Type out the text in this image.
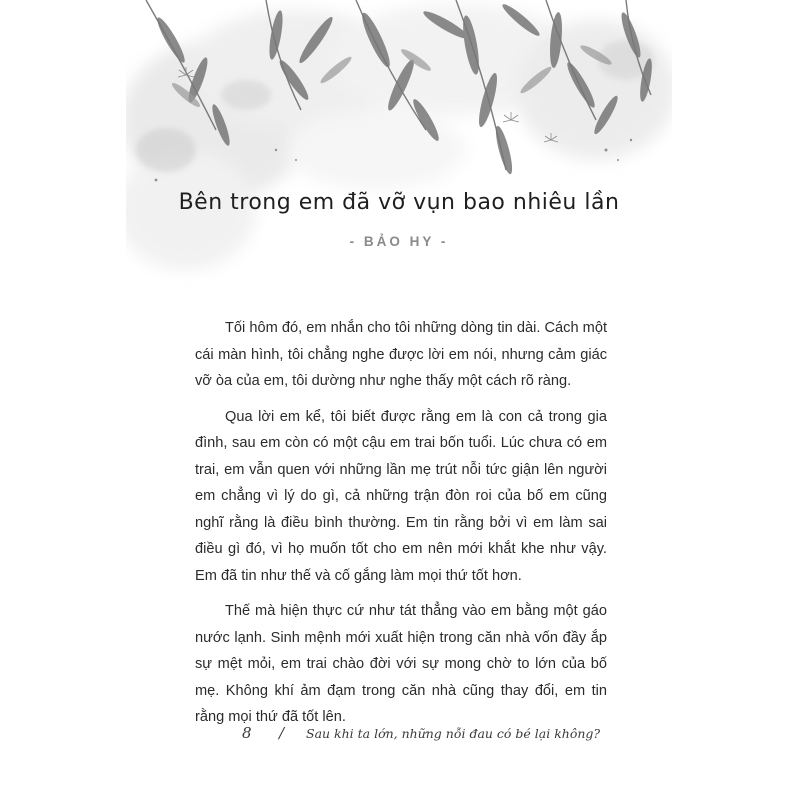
Bên trong em đã vỡ vụn bao nhiêu lần
- BẢO HY -

Tối hôm đó, em nhắn cho tôi những dòng tin dài. Cách một cái màn hình, tôi chẳng nghe được lời em nói, nhưng cảm giác vỡ òa của em, tôi dường như nghe thấy một cách rõ ràng.

Qua lời em kể, tôi biết được rằng em là con cả trong gia đình, sau em còn có một cậu em trai bốn tuổi. Lúc chưa có em trai, em vẫn quen với những lần mẹ trút nỗi tức giận lên người em chẳng vì lý do gì, cả những trận đòn roi của bố em cũng nghĩ rằng là điều bình thường. Em tin rằng bởi vì em làm sai điều gì đó, vì họ muốn tốt cho em nên mới khắt khe như vậy. Em đã tin như thế và cố gắng làm mọi thứ tốt hơn.

Thế mà hiện thực cứ như tát thẳng vào em bằng một gáo nước lạnh. Sinh mệnh mới xuất hiện trong căn nhà vốn đầy ắp sự mệt mỏi, em trai chào đời với sự mong chờ to lớn của bố mẹ. Không khí ảm đạm trong căn nhà cũng thay đổi, em tin rằng mọi thứ đã tốt lên.

8 / Sau khi ta lớn, những nỗi đau có bé lại không?
